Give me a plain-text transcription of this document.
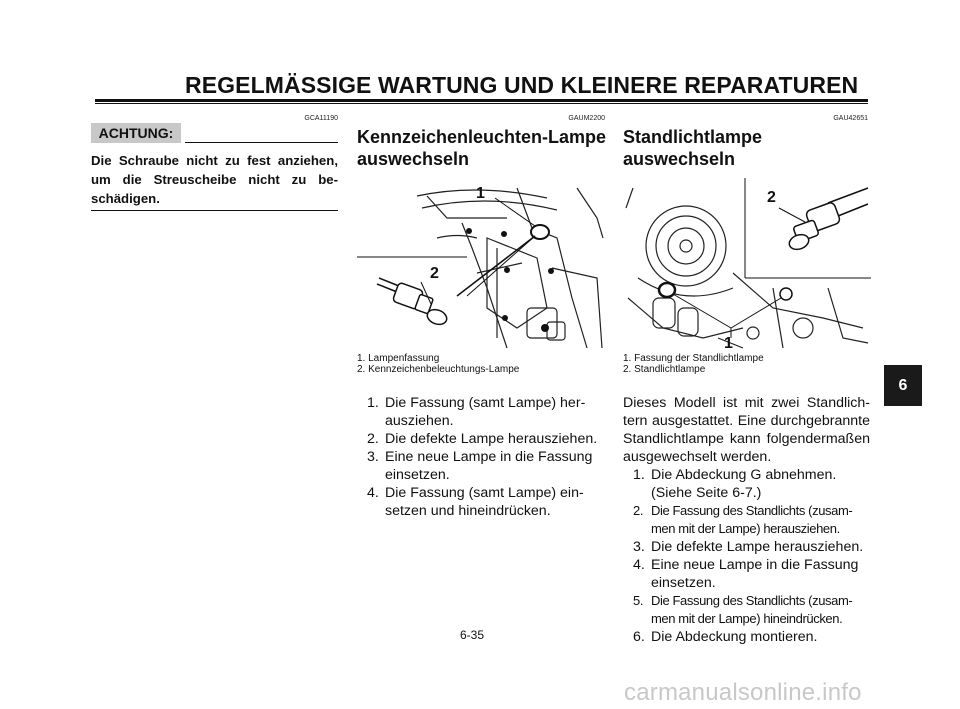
REGELMÄSSIGE WARTUNG UND KLEINERE REPARATUREN
GCA11190
ACHTUNG:
Die Schraube nicht zu fest anziehen, um die Streuscheibe nicht zu beschädigen.
GAUM2200
Kennzeichenleuchten-Lampe
auswechseln
1
2
1. Lampenfassung
2. Kennzeichenbeleuchtungs-Lampe
1. Die Fassung (samt Lampe) herausziehen.
2. Die defekte Lampe herausziehen.
3. Eine neue Lampe in die Fassung einsetzen.
4. Die Fassung (samt Lampe) einsetzen und hineindrücken.
GAU42651
Standlichtlampe
auswechseln
2
1
1. Fassung der Standlichtlampe
2. Standlichtlampe
Dieses Modell ist mit zwei Standlichtern ausgestattet. Eine durchgebrannte Standlichtlampe kann folgendermaßen ausgewechselt werden.
1. Die Abdeckung G abnehmen. (Siehe Seite 6-7.)
2. Die Fassung des Standlichts (zusammen mit der Lampe) herausziehen.
3. Die defekte Lampe herausziehen.
4. Eine neue Lampe in die Fassung einsetzen.
5. Die Fassung des Standlichts (zusammen mit der Lampe) hineindrücken.
6. Die Abdeckung montieren.
6
6-35
carmanualsonline.info
